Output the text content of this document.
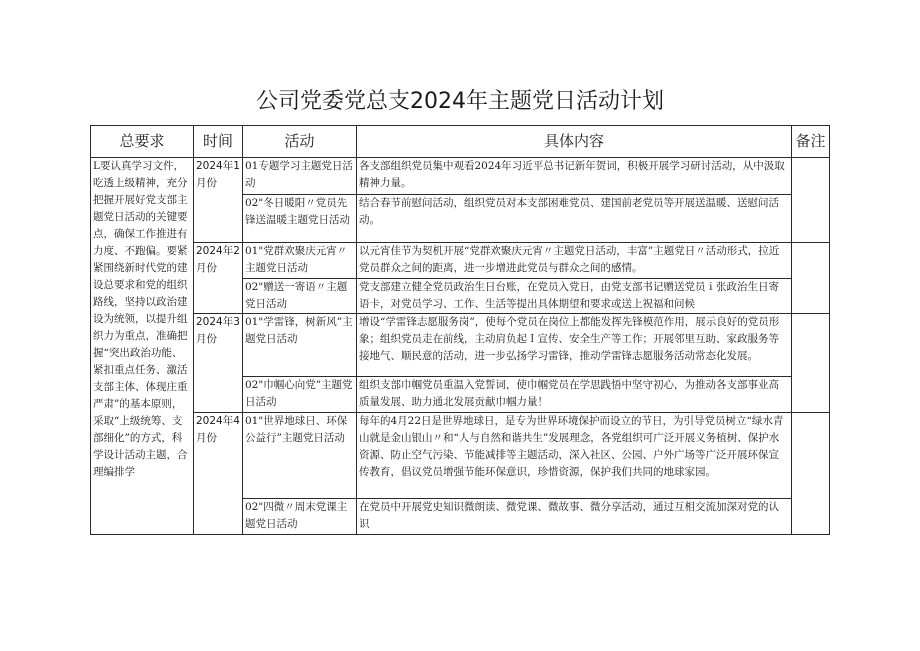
公司党委党总支2024年主题党日活动计划
总要求	时间	活动	具体内容	备注
L要认真学习文件，吃透上级精神，充分把握开展好党支部主题党日活动的关键要点，确保工作推进有力度、不跑偏。要紧紧围绕新时代党的建设总要求和党的组织路线，坚持以政治建设为统领，以提升组织力为重点，准确把握“突出政治功能、紧扣重点任务、激活支部主体、体现庄重严肃”的基本原则，采取“上级统筹、支部细化”的方式，科学设计活动主题，合理编排学	2024年1月份	01专题学习主题党日活动	各支部组织党员集中观看2024年习近平总书记新年贺词，积极开展学习研讨活动，从中汲取精神力量。	
		02"冬日暖阳〃党员先锋送温暖主题党日活动	结合春节前慰问活动，组织党员对本支部困难党员、建国前老党员等开展送温暖、送慰问活动。	
	2024年2月份	01"党群欢聚庆元宵〃主题党日活动	以元宵佳节为契机开展“党群欢聚庆元宵〃主题党日活动，丰富”主题党日〃活动形式，拉近党员群众之间的距离，进一步增进此党员与群众之间的感情。	
		02"赠送一寄语〃主题党日活动	党支部建立健全党员政治生日台账，在党员入党日，由党支部书记赠送党员ｉ张政治生日寄语卡，对党员学习、工作、生活等提出具体期望和要求或送上祝福和问候	
	2024年3月份	01"学雷锋，树新风”主题党日活动	增设“学雷锋志愿服务岗”，使每个党员在岗位上都能发挥先锋模范作用，展示良好的党员形象；组织党员走在前线，主动肩负起Ｉ宣传、安全生产等工作；开展邻里互助、家政服务等接地气、顺民意的活动，进一步弘扬学习雷锋，推动学雷锋志愿服务活动常态化发展。	
		02"巾帼心向党”主题党日活动	组织支部巾帼党员重温入党誓词，使巾帼党员在学思践悟中坚守初心，为推动各支部事业高质量发展、助力通北发展贡献巾帼力量！	
	2024年4月份	01"世界地球日、环保公益行”主题党日活动	每年的4月22日是世界地球日，是专为世界环境保护而设立的节日，为引导党员树立“绿水青山就是金山银山〃和“人与自然和谐共生”发展理念，各党组织可广泛开展义务植树、保护水资源、防止空气污染、节能减排等主题活动，深入社区、公园、户外广场等广泛开展环保宣传教育，倡议党员增强节能环保意识，珍惜资源，保护我们共同的地球家园。	
		02"四微〃周末党课主题党日活动	在党员中开展党史知识微朗读、微党课、微故事、微分享活动，通过互相交流加深对党的认识	
